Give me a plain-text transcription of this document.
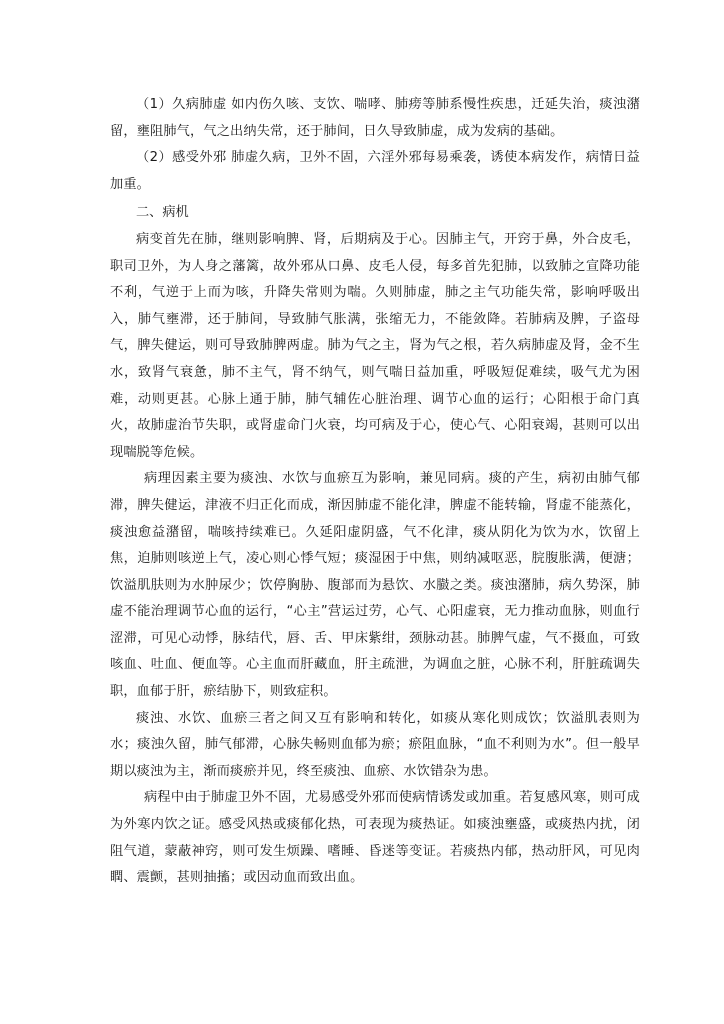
（1）久病肺虚 如内伤久咳、支饮、喘哮、肺痨等肺系慢性疾患，迁延失治，痰浊潴留，壅阻肺气，气之出纳失常，还于肺间，日久导致肺虚，成为发病的基础。

（2）感受外邪 肺虚久病，卫外不固，六淫外邪每易乘袭，诱使本病发作，病情日益加重。

二、病机

病变首先在肺，继则影响脾、肾，后期病及于心。因肺主气，开窍于鼻，外合皮毛，职司卫外，为人身之藩篱，故外邪从口鼻、皮毛人侵，每多首先犯肺，以致肺之宣降功能不利，气逆于上而为咳，升降失常则为喘。久则肺虚，肺之主气功能失常，影响呼吸出入，肺气壅滞，还于肺间，导致肺气胀满，张缩无力，不能敛降。若肺病及脾，子盗母气，脾失健运，则可导致肺脾两虚。肺为气之主，肾为气之根，若久病肺虚及肾，金不生水，致肾气衰惫，肺不主气，肾不纳气，则气喘日益加重，呼吸短促难续，吸气尤为困难，动则更甚。心脉上通于肺，肺气辅佐心脏治理、调节心血的运行；心阳根于命门真火，故肺虚治节失职，或肾虚命门火衰，均可病及于心，使心气、心阳衰竭，甚则可以出现喘脱等危候。

病理因素主要为痰浊、水饮与血瘀互为影响，兼见同病。痰的产生，病初由肺气郁滞，脾失健运，津液不归正化而成，渐因肺虚不能化津，脾虚不能转输，肾虚不能蒸化，痰浊愈益潴留，喘咳持续难已。久延阳虚阴盛，气不化津，痰从阴化为饮为水，饮留上焦，迫肺则咳逆上气，凌心则心悸气短；痰湿困于中焦，则纳减呕恶，脘腹胀满，便溏；饮溢肌肤则为水肿尿少；饮停胸胁、腹部而为悬饮、水臌之类。痰浊潴肺，病久势深，肺虚不能治理调节心血的运行，“心主”营运过劳，心气、心阳虚衰，无力推动血脉，则血行涩滞，可见心动悸，脉结代，唇、舌、甲床紫绀，颈脉动甚。肺脾气虚，气不摄血，可致咳血、吐血、便血等。心主血而肝藏血，肝主疏泄，为调血之脏，心脉不利，肝脏疏调失职，血郁于肝，瘀结胁下，则致症积。

痰浊、水饮、血瘀三者之间又互有影响和转化，如痰从寒化则成饮；饮溢肌表则为水；痰浊久留，肺气郁滞，心脉失畅则血郁为瘀；瘀阻血脉，“血不利则为水”。但一般早期以痰浊为主，渐而痰瘀并见，终至痰浊、血瘀、水饮错杂为患。

病程中由于肺虚卫外不固，尤易感受外邪而使病情诱发或加重。若复感风寒，则可成为外寒内饮之证。感受风热或痰郁化热，可表现为痰热证。如痰浊壅盛，或痰热内扰，闭阻气道，蒙蔽神窍，则可发生烦躁、嗜睡、昏迷等变证。若痰热内郁，热动肝风，可见肉瞤、震颤，甚则抽搐；或因动血而致出血。
